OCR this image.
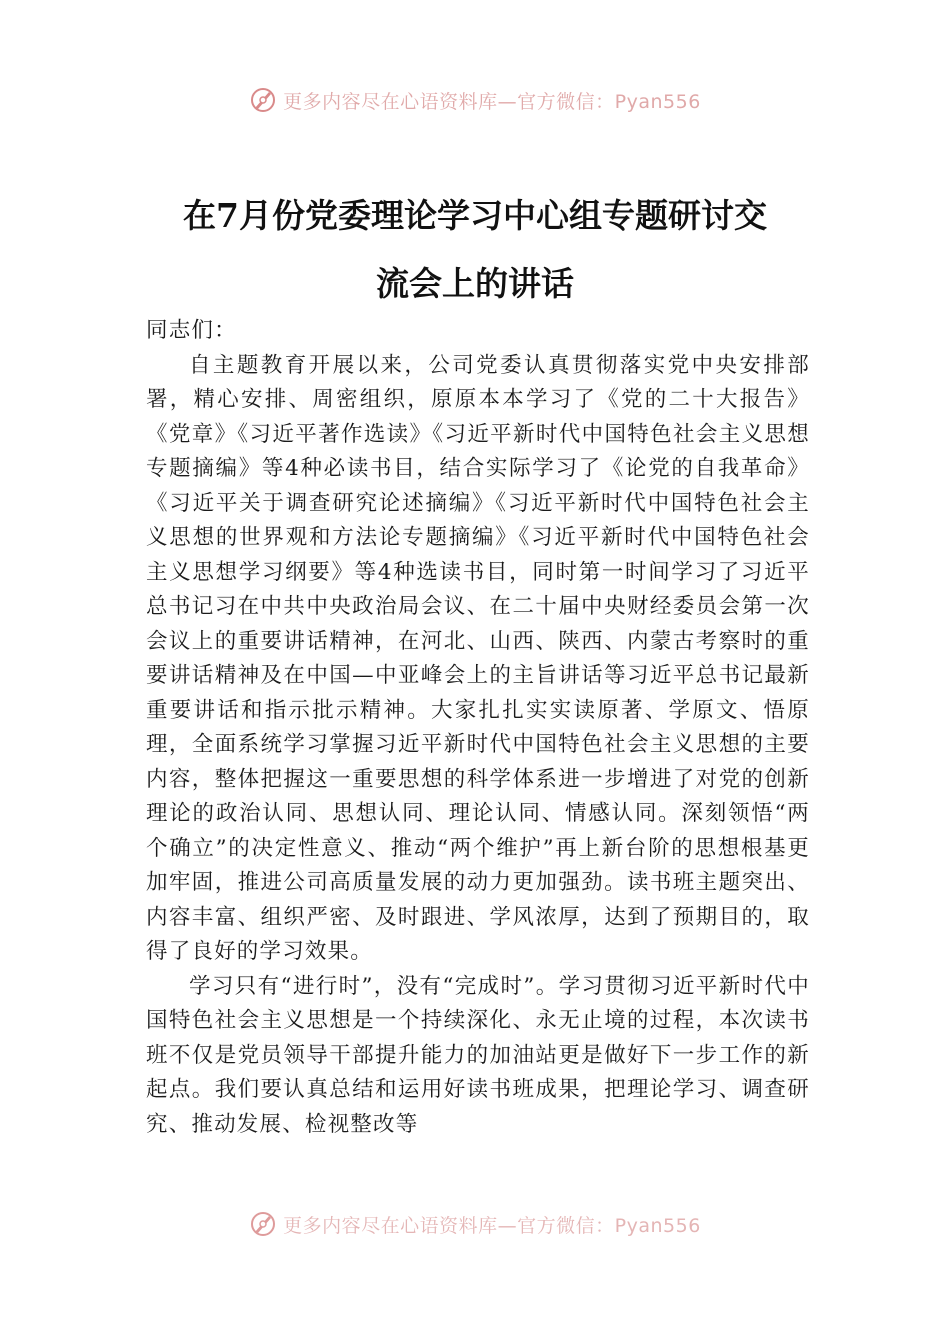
更多内容尽在心语资料库—官方微信：Pyan556
在7月份党委理论学习中心组专题研讨交
流会上的讲话

同志们：

自主题教育开展以来，公司党委认真贯彻落实党中央安排部署，精心安排、周密组织，原原本本学习了《党的二十大报告》《党章》《习近平著作选读》《习近平新时代中国特色社会主义思想专题摘编》等4种必读书目，结合实际学习了《论党的自我革命》《习近平关于调查研究论述摘编》《习近平新时代中国特色社会主义思想的世界观和方法论专题摘编》《习近平新时代中国特色社会主义思想学习纲要》等4种选读书目，同时第一时间学习了习近平总书记习在中共中央政治局会议、在二十届中央财经委员会第一次会议上的重要讲话精神，在河北、山西、陕西、内蒙古考察时的重要讲话精神及在中国—中亚峰会上的主旨讲话等习近平总书记最新重要讲话和指示批示精神。大家扎扎实实读原著、学原文、悟原理，全面系统学习掌握习近平新时代中国特色社会主义思想的主要内容，整体把握这一重要思想的科学体系进一步增进了对党的创新理论的政治认同、思想认同、理论认同、情感认同。深刻领悟“两个确立”的决定性意义、推动“两个维护”再上新台阶的思想根基更加牢固，推进公司高质量发展的动力更加强劲。读书班主题突出、内容丰富、组织严密、及时跟进、学风浓厚，达到了预期目的，取得了良好的学习效果。

学习只有“进行时”，没有“完成时”。学习贯彻习近平新时代中国特色社会主义思想是一个持续深化、永无止境的过程，本次读书班不仅是党员领导干部提升能力的加油站更是做好下一步工作的新起点。我们要认真总结和运用好读书班成果，把理论学习、调查研究、推动发展、检视整改等

更多内容尽在心语资料库—官方微信：Pyan556
